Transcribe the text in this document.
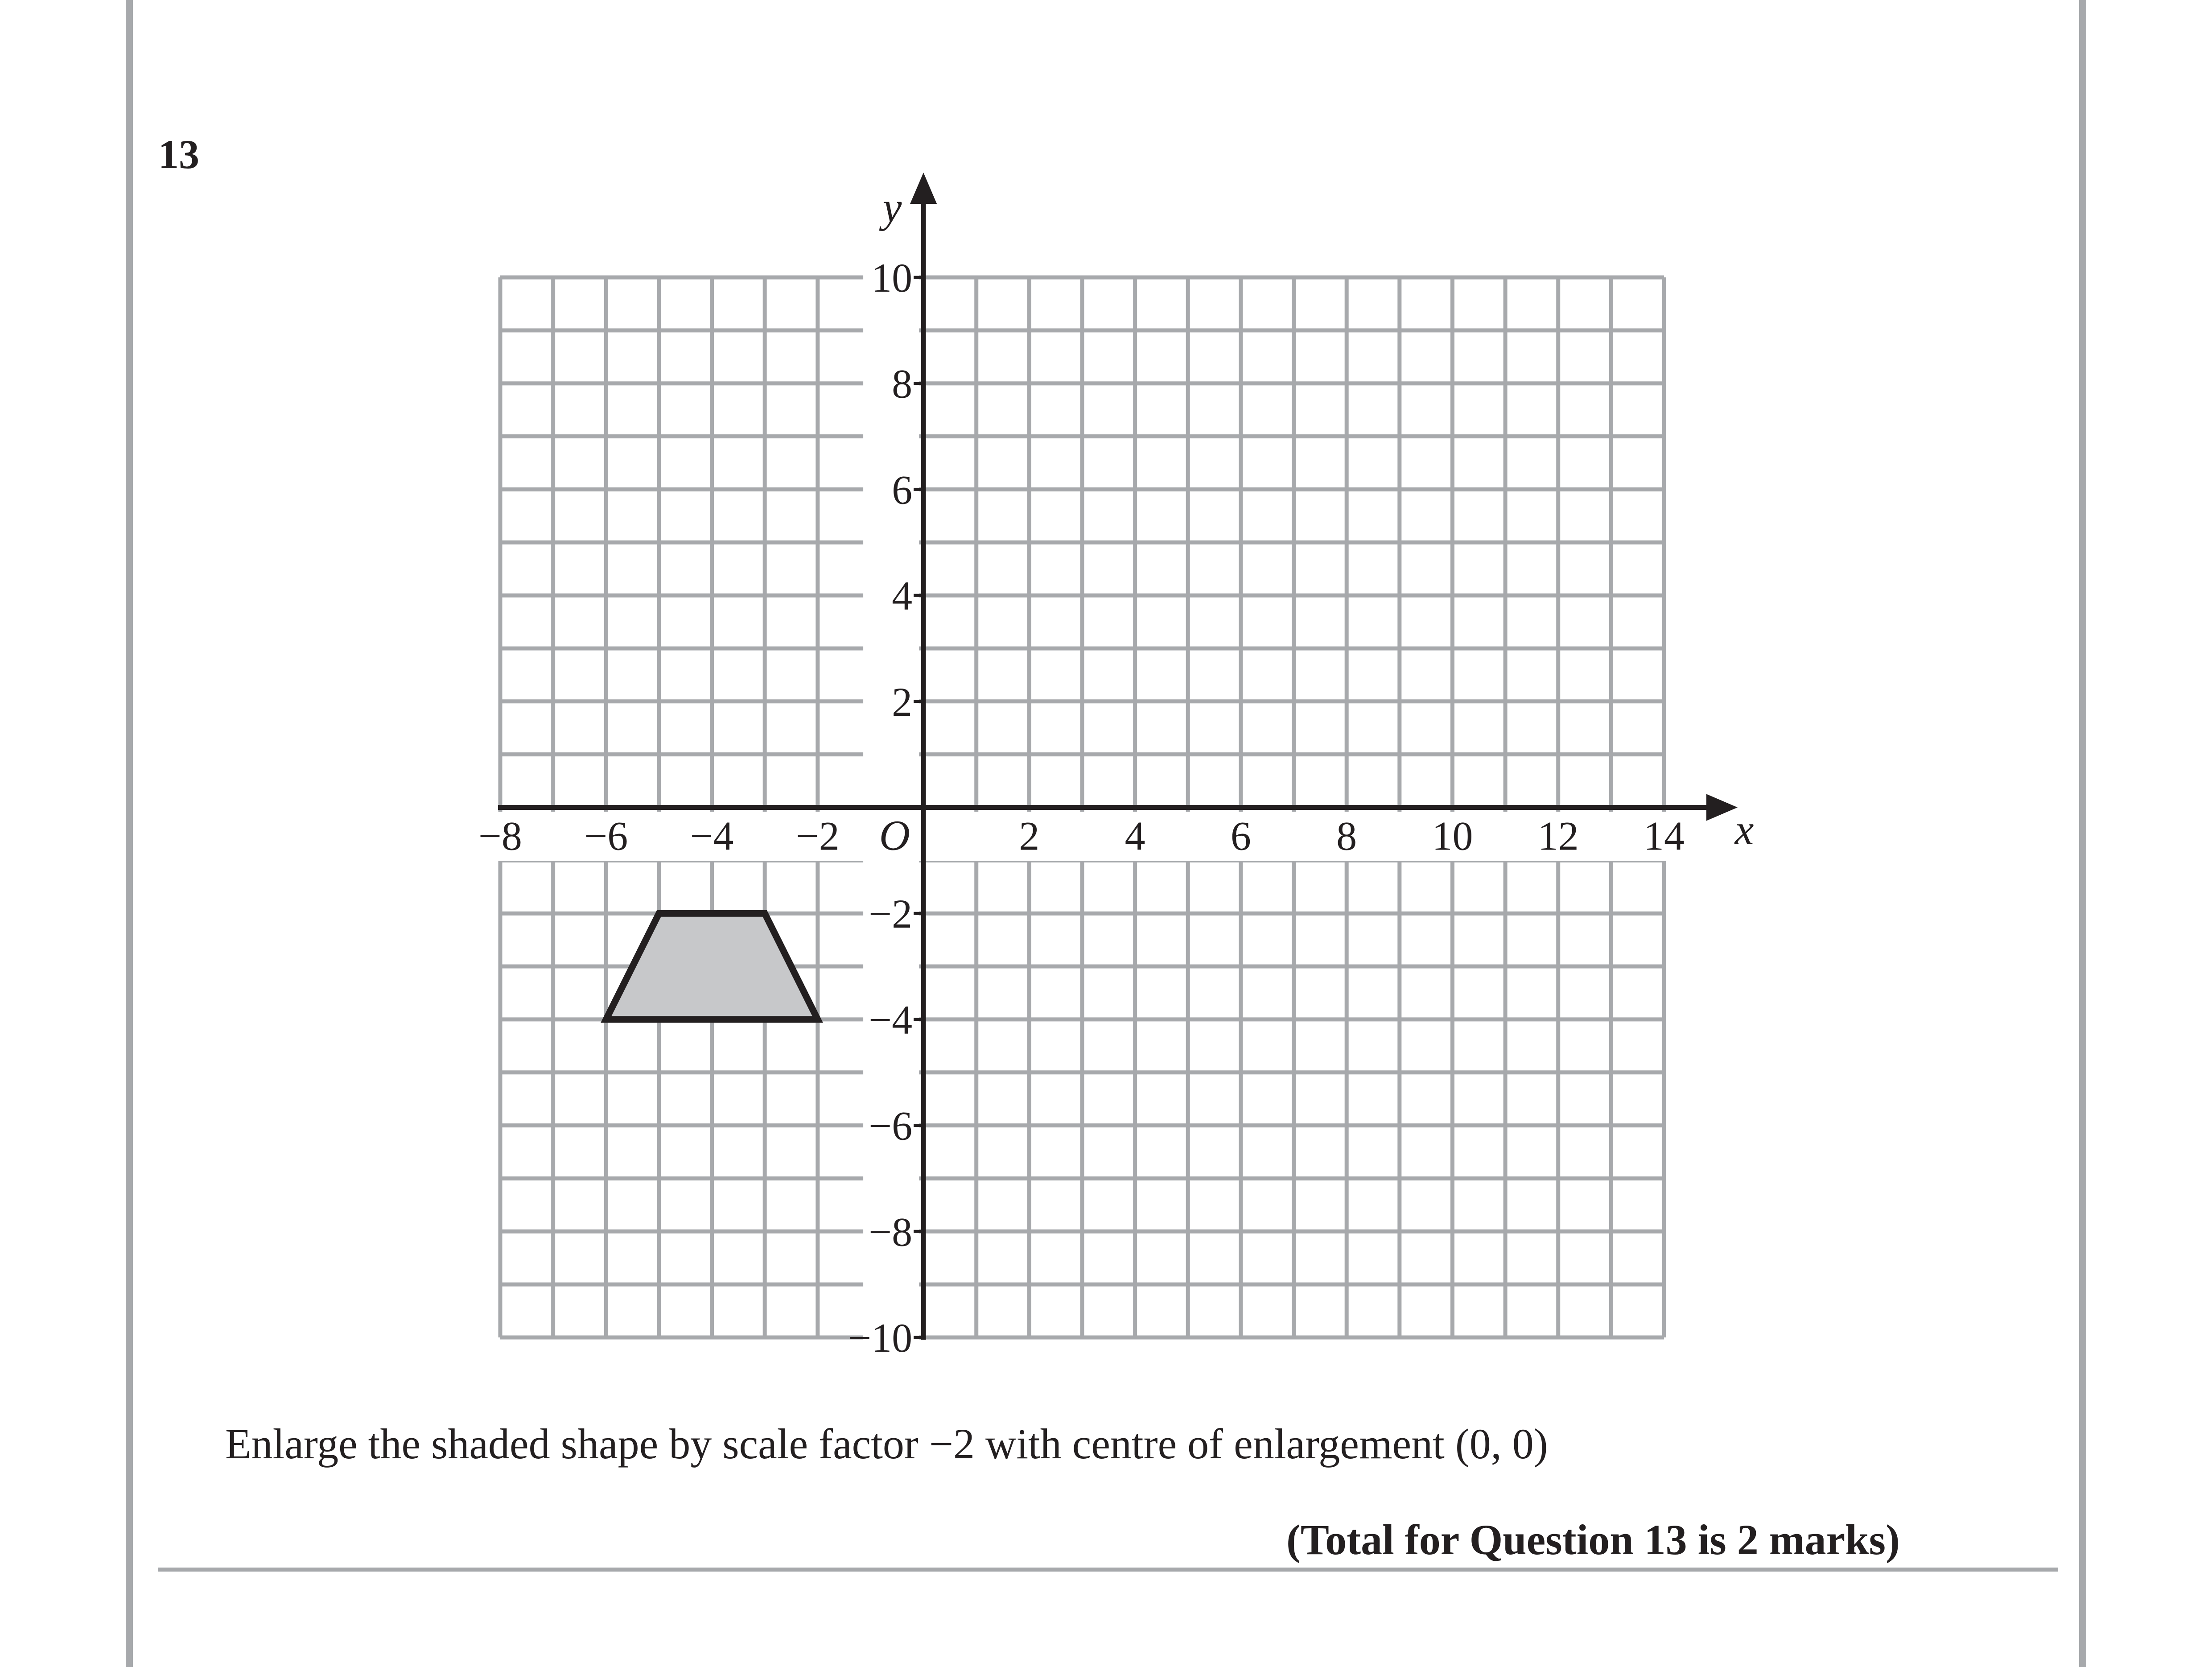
13
−8 −6 −4 −2	2 4 6 8 10 12 14
10
8
6
4
2
−2
−4
−6
−8
−10
O	x
y
Enlarge the shaded shape by scale factor −2 with centre of enlargement (0, 0)
(Total for Question 13 is 2 marks)
